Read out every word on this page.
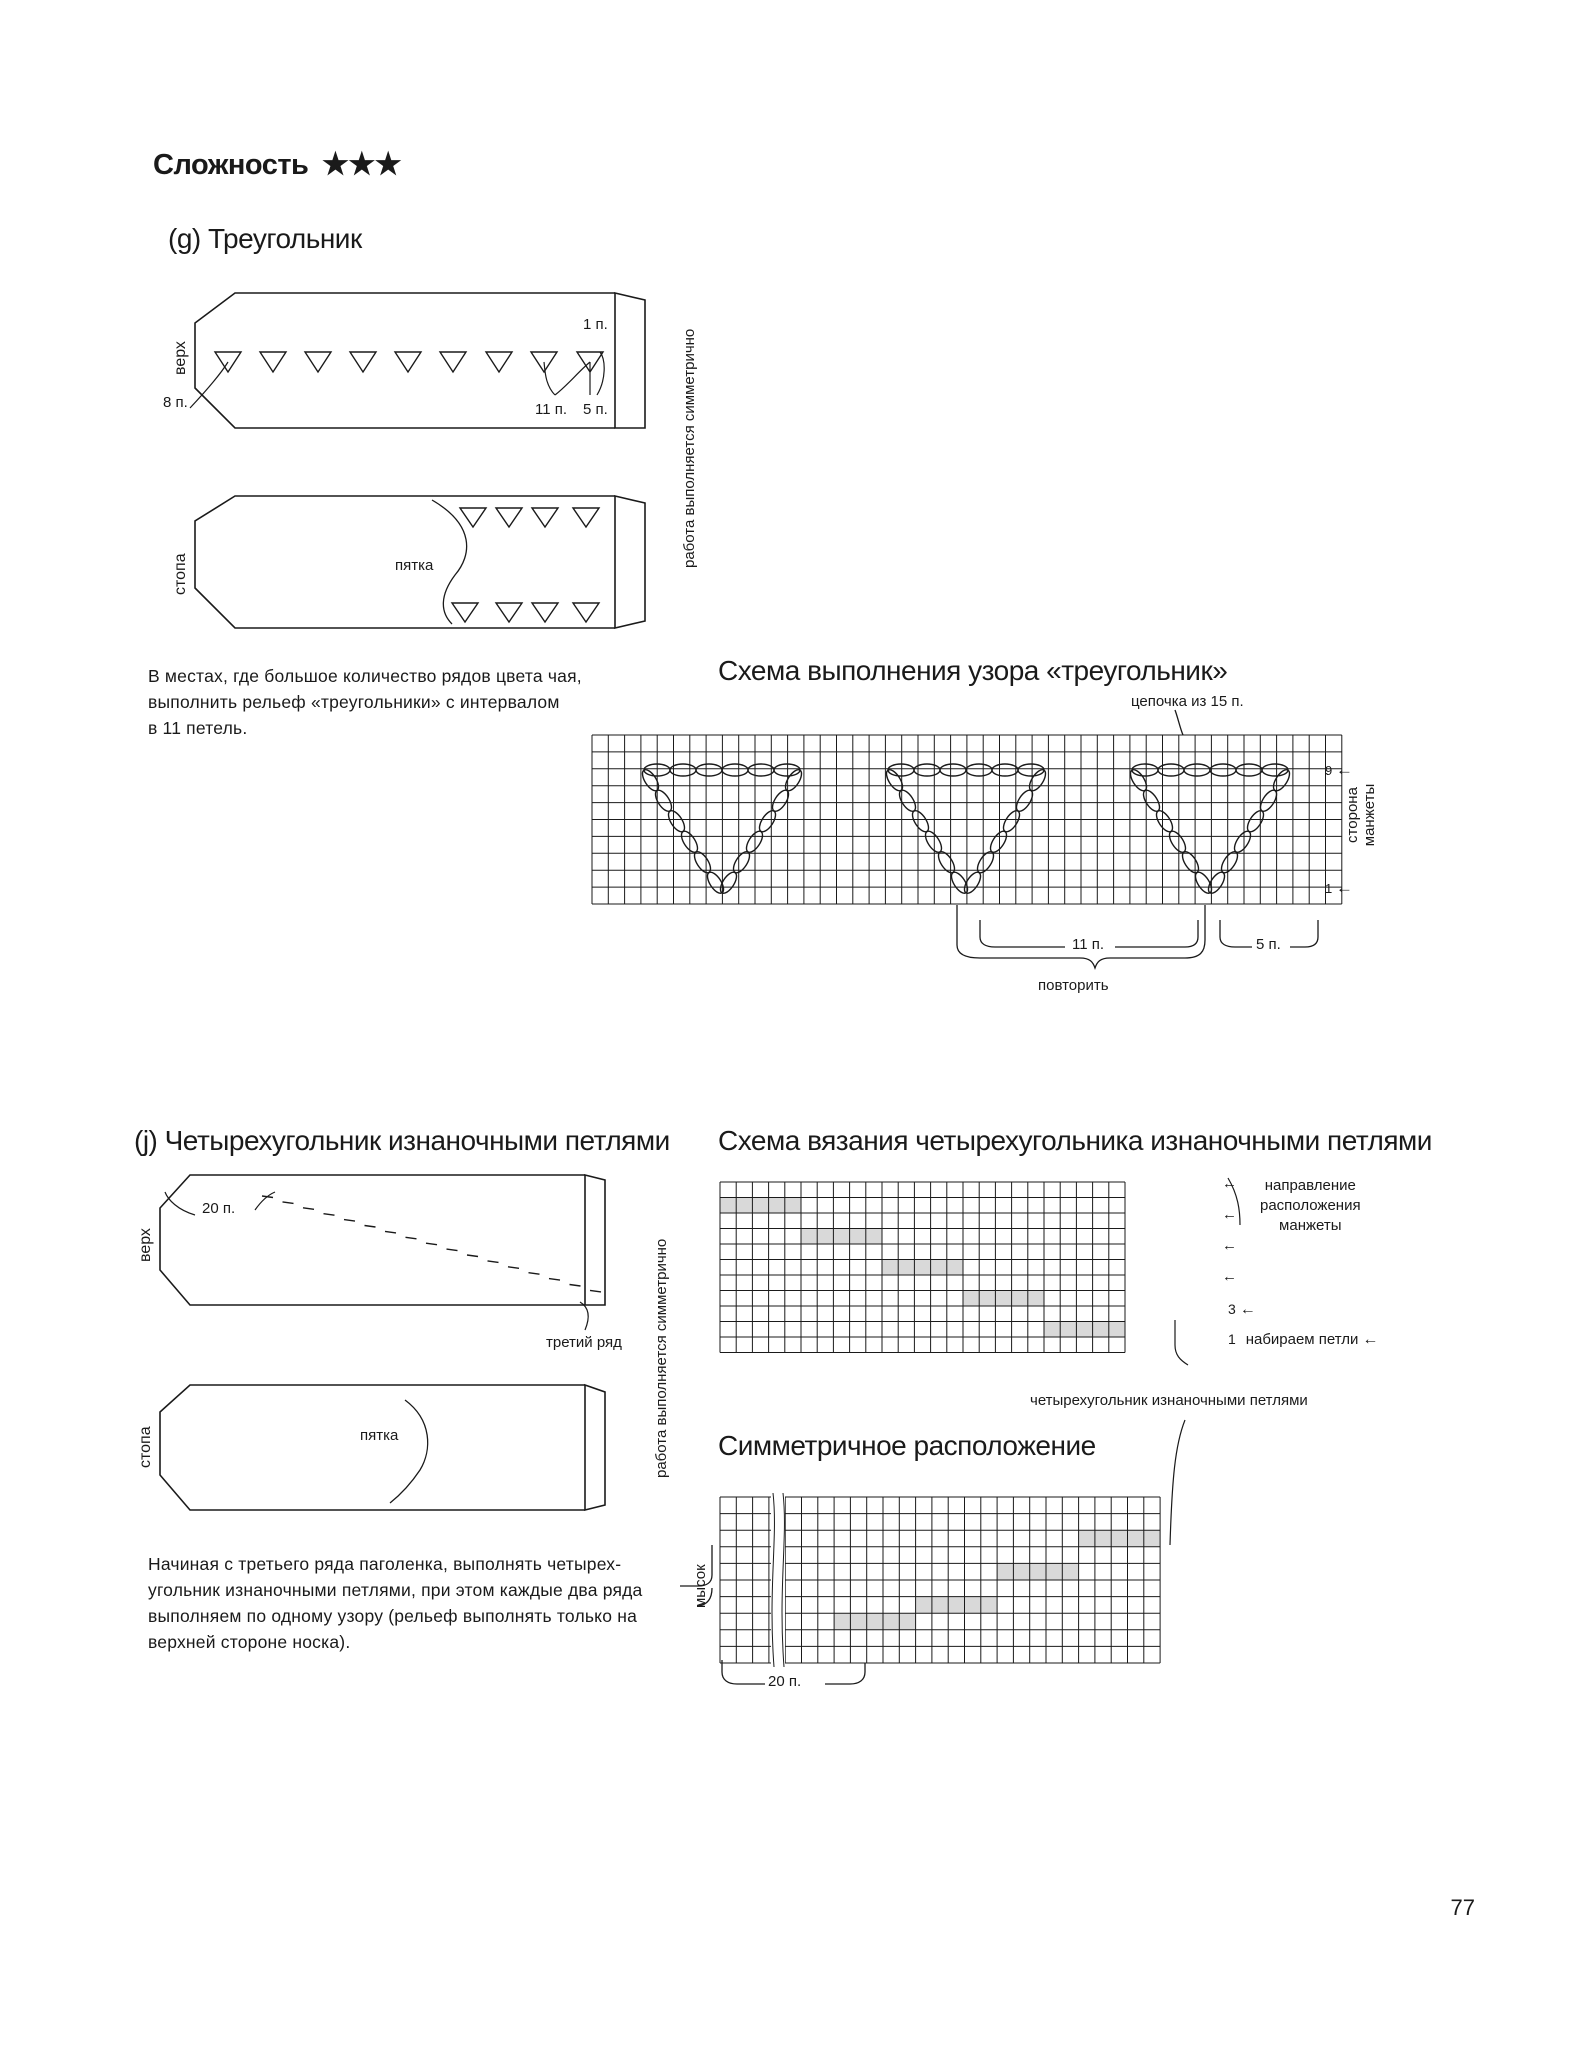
Сложность ★★★
(g) Треугольник
Схема выполнения узора «треугольник»
(j) Четырехугольник изнаночными петлями Схема вязания четырехугольника изнаночными петлями
Симметричное расположение
В местах, где большое количество рядов цвета чая,
выполнить рельеф «треугольники» с интервалом
в 11 петель.
Начиная с третьего ряда паголенка, выполнять четырех-
угольник изнаночными петлями, при этом каждые два ряда
выполняем по одному узору (рельеф выполнять только на
верхней стороне носка).
77
верх
стопа	пятка	работа выполняется симметрично
1 п.
8 п.	11 п. 5 п.
цепочка из 15 п.
9 ←
1 ←
сторона манжеты
11 п.	5 п.
повторить
верх
стопа	пятка	работа выполняется симметрично
20 п.
третий ряд
←
←
←
←
3 ←
1 набираем петли ←
направление
расположения
манжеты
четырехугольник изнаночными петлями
мысок
20 п.
